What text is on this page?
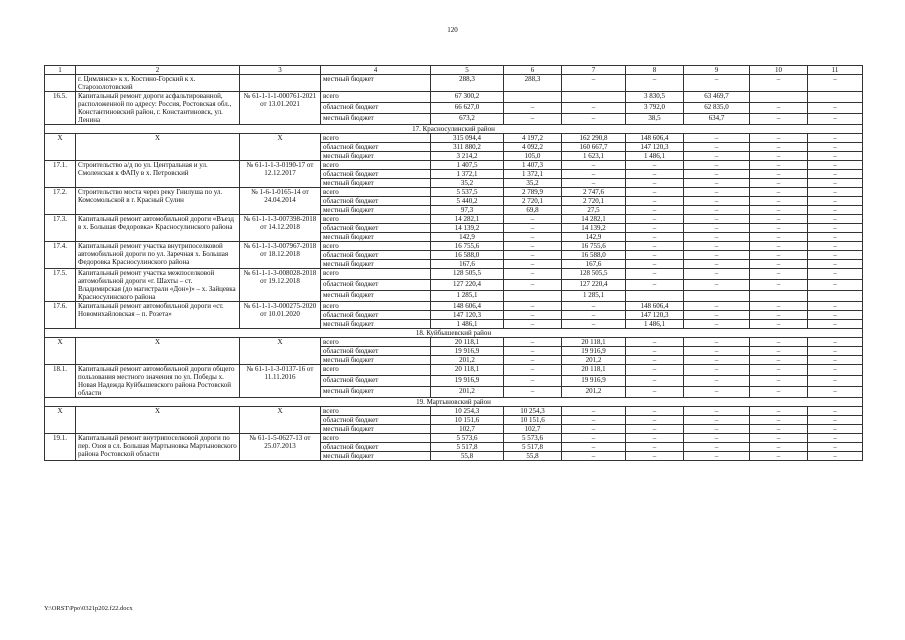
120
1	2	3	4	5	6	7	8	9	10	11
	г. Цимлянск» к х. Костино-Горский к х. Старозолотовский		местный бюджет	288,3	288,3	–	–	–	–	–
16.5.	Капитальный ремонт дороги асфальтированной, расположенной по адресу: Россия, Ростовская обл., Константиновский район, г. Константиновск, ул. Ленина	№ 61-1-1-1-000761-2021 от 13.01.2021	всего	67 300,2			3 830,5	63 469,7		
			областной бюджет	66 627,0	–	–	3 792,0	62 835,0	–	–
			местный бюджет	673,2	–	–	38,5	634,7	–	–
17. Красносулинский район										
Х	Х	Х	всего	315 094,4	4 197,2	162 290,8	148 606,4	–	–	–
			областной бюджет	311 880,2	4 092,2	160 667,7	147 120,3	–	–	–
			местный бюджет	3 214,2	105,0	1 623,1	1 486,1	–	–	–
17.1.	Строительство а/д по ул. Центральная и ул. Смоленская к ФАПу в х. Петровский	№ 61-1-1-3-0190-17 от 12.12.2017	всего	1 407,5	1 407,3	–	–	–	–	–
			областной бюджет	1 372,1	1 372,1	–	–	–	–	–
			местный бюджет	35,2	35,2	–	–	–	–	–
17.2.	Строительство моста через реку Гнилуша по ул. Комсомольской в г. Красный Сулин	№ 1-6-1-0165-14 от 24.04.2014	всего	5 537,5	2 789,9	2 747,6	–	–	–	–
			областной бюджет	5 440,2	2 720,1	2 720,1	–	–	–	–
			местный бюджет	97,3	69,8	27,5	–	–	–	–
17.3.	Капитальный ремонт автомобильной дороги «Въезд в х. Большая Федоровка» Красносулинского района	№ 61-1-1-3-007398-2018 от 14.12.2018	всего	14 282,1	–	14 282,1	–	–	–	–
			областной бюджет	14 139,2	–	14 139,2	–	–	–	–
			местный бюджет	142,9	–	142,9	–	–	–	–
17.4.	Капитальный ремонт участка внутрипоселковой автомобильной дороги по ул. Заречная х. Большая Федоровка Красносулинского района	№ 61-1-1-3-007967-2018 от 18.12.2018	всего	16 755,6	–	16 755,6	–	–	–	–
			областной бюджет	16 588,0	–	16 588,0	–	–	–	–
			местный бюджет	167,6	–	167,6	–	–	–	–
17.5.	Капитальный ремонт участка межпоселковой автомобильной дороги «г. Шахты – ст. Владимирская (до магистрали «Дон»)» – х. Зайцевка Красносулинского района	№ 61-1-1-3-008028-2018 от 19.12.2018	всего	128 505,5	–	128 505,5	–	–	–	–
			областной бюджет	127 220,4	–	127 220,4	–	–	–	–
			местный бюджет	1 285,1		1 285,1				
17.6.	Капитальный ремонт автомобильной дороги «ст. Новомихайловская – п. Розета»	№ 61-1-1-3-000275-2020 от 10.01.2020	всего	148 606,4	–	–	148 606,4	–	–	–
			областной бюджет	147 120,3	–	–	147 120,3	–	–	–
			местный бюджет	1 486,1	–	–	1 486,1	–	–	–
18. Куйбышевский район										
Х	Х	Х	всего	20 118,1	–	20 118,1	–	–	–	–
			областной бюджет	19 916,9	–	19 916,9	–	–	–	–
			местный бюджет	201,2	–	201,2	–	–	–	–
18.1.	Капитальный ремонт автомобильной дороги общего пользования местного значения по ул. Победы х. Новая Надежда Куйбышевского района Ростовской области	№ 61-1-1-3-0137-16 от 11.11.2016	всего	20 118,1	–	20 118,1	–	–	–	–
			областной бюджет	19 916,9	–	19 916,9	–	–	–	–
			местный бюджет	201,2	–	201,2	–	–	–	–
19. Мартыновский район										
Х	Х	Х	всего	10 254,3	10 254,3	–	–	–	–	–
			областной бюджет	10 151,6	10 151,6	–	–	–	–	–
			местный бюджет	102,7	102,7	–	–	–	–	–
19.1.	Капитальный ремонт внутрипоселковой дороги по пер. Озоя в сл. Большая Мартыновка Мартыновского района Ростовской области	№ 61-1-5-0627-13 от 25.07.2013	всего	5 573,6	5 573,6	–	–	–	–	–
			областной бюджет	5 517,8	5 517,8	–	–	–	–	–
			местный бюджет	55,8	55,8	–	–	–	–	–
Y:\ORST\Ppo\0321p202.f22.docx
